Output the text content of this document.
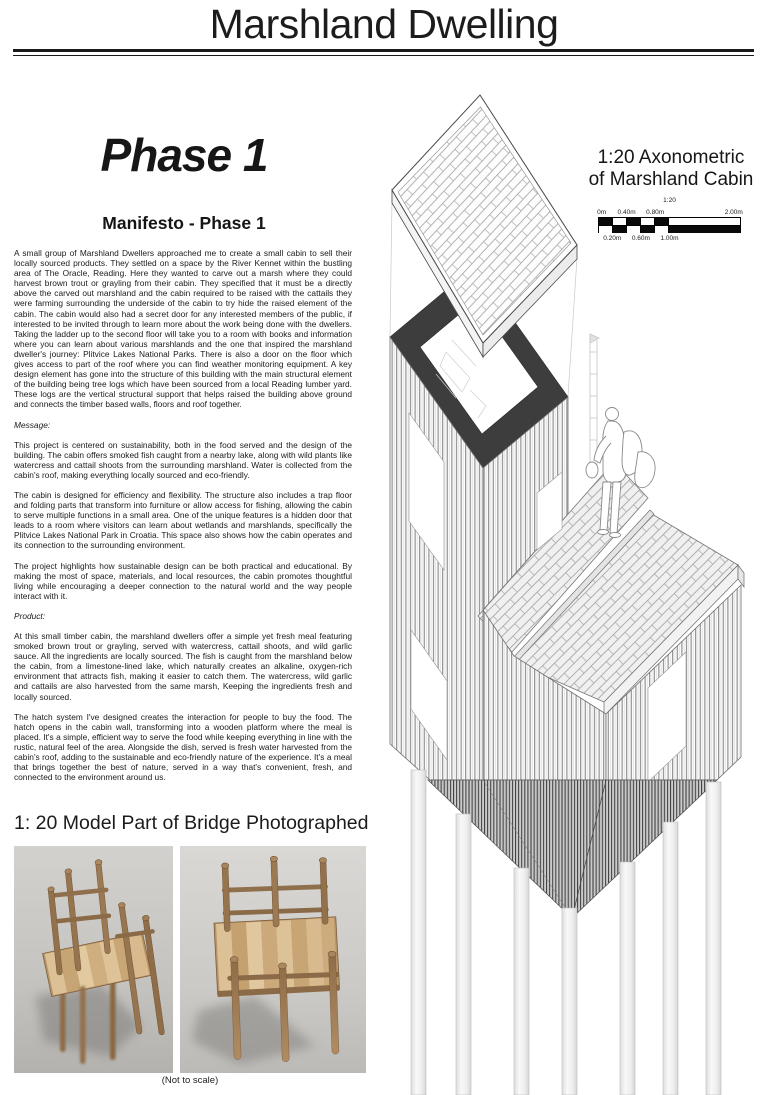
Marshland Dwelling
Phase 1
Manifesto - Phase 1

A small group of Marshland Dwellers approached me to create a small cabin to sell their locally sourced products. They settled on a space by the River Kennet within the bustling area of The Oracle, Reading. Here they wanted to carve out a marsh where they could harvest brown trout or grayling from their cabin. They specified that it must be a directly above the carved out marshland and the cabin required to be raised with the cattails they were farming surrounding the underside of the cabin to try hide the raised element of the cabin. The cabin would also had a secret door for any interested members of the public, if interested to be invited through to learn more about the work being done with the dwellers. Taking the ladder up to the second floor will take you to a room with books and information where you can learn about various marshlands and the one that inspired the marshland dweller's journey: Plitvice Lakes National Parks. There is also a door on the floor which gives access to part of the roof where you can find weather monitoring equipment. A key design element has gone into the structure of this building with the main structural element of the building being tree logs which have been sourced from a local Reading lumber yard. These logs are the vertical structural support that helps raised the building above ground and connects the timber based walls, floors and roof together.

Message:

This project is centered on sustainability, both in the food served and the design of the building. The cabin offers smoked fish caught from a nearby lake, along with wild plants like watercress and cattail shoots from the surrounding marshland. Water is collected from the cabin's roof, making everything locally sourced and eco-friendly.

The cabin is designed for efficiency and flexibility. The structure also includes a trap floor and folding parts that transform into furniture or allow access for fishing, allowing the cabin to serve multiple functions in a small area. One of the unique features is a hidden door that leads to a room where visitors can learn about wetlands and marshlands, specifically the Plitvice Lakes National Park in Croatia. This space also shows how the cabin operates and its connection to the surrounding environment.

The project highlights how sustainable design can be both practical and educational. By making the most of space, materials, and local resources, the cabin promotes thoughtful living while encouraging a deeper connection to the natural world and the way people interact with it.

Product:

At this small timber cabin, the marshland dwellers offer a simple yet fresh meal featuring smoked brown trout or grayling, served with watercress, cattail shoots, and wild garlic sauce. All the ingredients are locally sourced. The fish is caught from the marshland below the cabin, from a limestone-lined lake, which naturally creates an alkaline, oxygen-rich environment that attracts fish, making it easier to catch them. The watercress, wild garlic and cattails are also harvested from the same marsh, Keeping the ingredients fresh and locally sourced.

The hatch system I've designed creates the interaction for people to buy the food. The hatch opens in the cabin wall, transforming into a wooden platform where the meal is placed. It's a simple, efficient way to serve the food while keeping everything in line with the rustic, natural feel of the area. Alongside the dish, served is fresh water harvested from the cabin's roof, adding to the sustainable and eco-friendly nature of the experience. It's a meal that brings together the best of nature, served in a way that's convenient, fresh, and connected to the environment around us.

1: 20 Model Part of Bridge Photographed

(Not to scale)

1:20 Axonometric
of Marshland Cabin
1:20
0m 0.40m 0.80m	2.00m
0.20m 0.60m 1.00m
